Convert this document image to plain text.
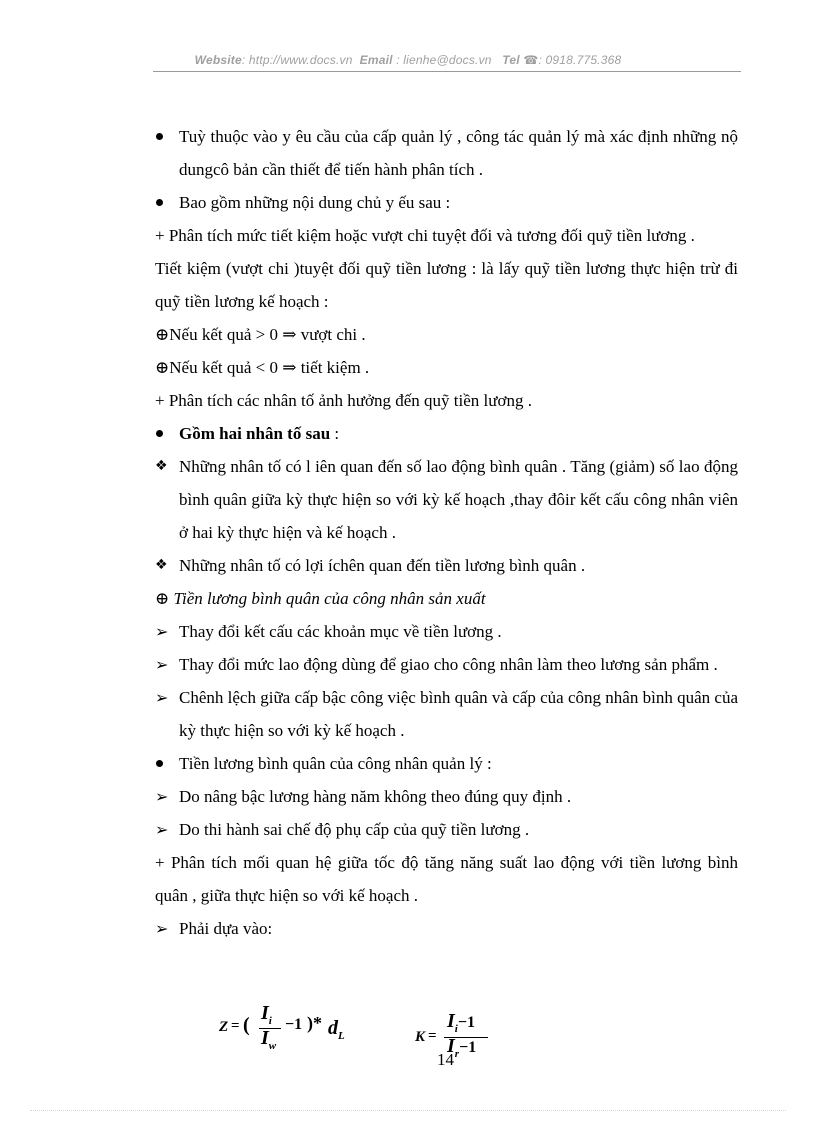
Website: http://www.docs.vn Email : lienhe@docs.vn Tel ☎: 0918.775.368

Tuỳ thuộc vào y êu cầu của cấp quản lý , công tác quản lý mà xác định những nộ dungcô bản cần thiết để tiến hành phân tích .

Bao gồm những nội dung chủ y ếu sau :

+ Phân tích mức tiết kiệm hoặc vượt chi tuyệt đối và tương đối quỹ tiền lương .

Tiết kiệm (vượt chi )tuyệt đối quỹ tiền lương : là lấy quỹ tiền lương thực hiện trừ đi quỹ tiền lương kế hoạch :

⊕Nếu kết quả > 0 ⇒ vượt chi .

⊕Nếu kết quả < 0 ⇒ tiết kiệm .

+ Phân tích các nhân tố ảnh hưởng đến quỹ tiền lương .

Gồm hai nhân tố sau :

❖ Những nhân tố có l iên quan đến số lao động bình quân . Tăng (giảm) số lao động bình quân giữa kỳ thực hiện so với kỳ kế hoạch ,thay đôir kết cấu công nhân viên ở hai kỳ thực hiện và kế hoạch .

❖ Những nhân tố có lợi íchên quan đến tiền lương bình quân .

⊕ Tiền lương bình quân của công nhân sản xuất

➢ Thay đổi kết cấu các khoản mục về tiền lương .

➢ Thay đổi mức lao động dùng để giao cho công nhân làm theo lương sản phẩm .

➢ Chênh lệch giữa cấp bậc công việc bình quân và cấp của công nhân bình quân của kỳ thực hiện so với kỳ kế hoạch .

Tiền lương bình quân của công nhân quản lý :

➢ Do nâng bậc lương hàng năm không theo đúng quy định .

➢ Do thi hành sai chế độ phụ cấp của quỹ tiền lương .

+ Phân tích mối quan hệ giữa tốc độ tăng năng suất lao động với tiền lương bình quân , giữa thực hiện so với kế hoạch .

➢ Phải dựa vào:

Z = (
$I_i$
$I_w$
−1 )* $d_L$	K =
$I_i-1$
$I_r-1$
14
